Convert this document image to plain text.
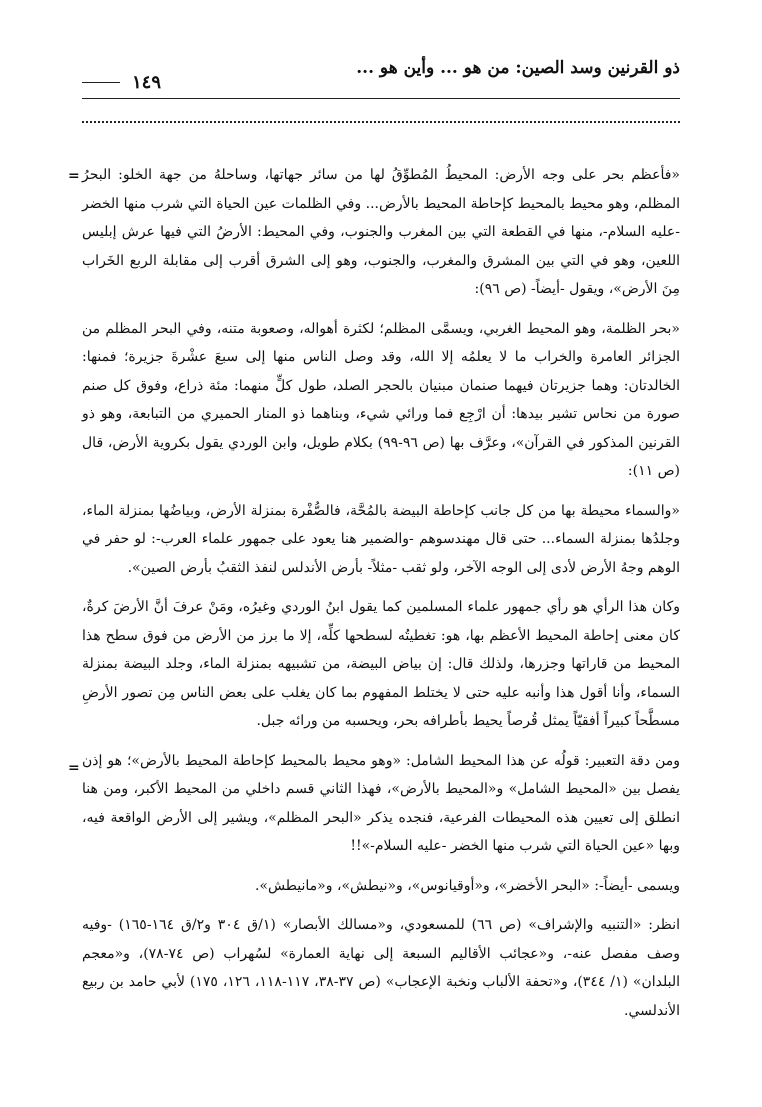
ذو القرنين وسد الصين: من هو ... وأين هو ...
١٤٩
= «فأعظم بحر على وجه الأرض: المحيطُ المُطوِّقُ لها من سائر جهاتها، وساحلهُ من جهة الخلو: البحرُ المظلم، وهو محيط بالمحيط كإحاطة المحيط بالأرض... وفي الظلمات عين الحياة التي شرب منها الخضر -عليه السلام-، منها في القطعة التي بين المغرب والجنوب، وفي المحيط: الأرضُ التي فيها عرش إبليس اللعين، وهو في التي بين المشرق والمغرب، والجنوب، وهو إلى الشرق أقرب إلى مقابلة الربع الخَراب مِنَ الأرض»، ويقول -أيضاً- (ص ٩٦):

«بحر الظلمة، وهو المحيط الغربي، ويسمَّى المظلم؛ لكثرة أهواله، وصعوبة متنه، وفي البحر المظلم من الجزائر العامرة والخراب ما لا يعلمُه إلا الله، وقد وصل الناس منها إلى سبعَ عشْرةَ جزيرة؛ فمنها: الخالدتان: وهما جزيرتان فيهما صنمان مبنيان بالحجر الصلد، طول كلٍّ منهما: مئة ذراع، وفوق كل صنم صورة من نحاس تشير بيدها: أن ارْجِع فما ورائي شيء، وبناهما ذو المنار الحميري من التبابعة، وهو ذو القرنين المذكور في القرآن»، وعرَّف بها (ص ٩٦-٩٩) بكلام طويل، وابن الوردي يقول بكروية الأرض، قال (ص ١١):

«والسماء محيطة بها من كل جانب كإحاطة البيضة بالمُحَّة، فالصُّفْرة بمنزلة الأرض، وبياضُها بمنزلة الماء، وجلدُها بمنزلة السماء... حتى قال مهندسوهم -والضمير هنا يعود على جمهور علماء العرب-: لو حفر في الوهم وجهُ الأرض لأدى إلى الوجه الآخر، ولو ثقب -مثلاً- بأرض الأندلس لنفذ الثقبُ بأرض الصين».

وكان هذا الرأي هو رأي جمهور علماء المسلمين كما يقول ابنُ الوردي وغيرُه، ومَنْ عرفَ أنَّ الأرضَ كرةٌ، كان معنى إحاطة المحيط الأعظم بها، هو: تغطيتُه لسطحها كلِّه، إلا ما برز من الأرض من فوق سطح هذا المحيط من قاراتها وجزرها، ولذلك قال: إن بياض البيضة، من تشبيهه بمنزلة الماء، وجلد البيضة بمنزلة السماء، وأنا أقول هذا وأنبه عليه حتى لا يختلط المفهوم بما كان يغلب على بعض الناس مِن تصور الأرضِ مسطَّحاً كبيراً أفقيّاً يمثل قُرصاً يحيط بأطرافه بحر، ويحسبه من ورائه جبل.

ومن دقة التعبير: قولُه عن هذا المحيط الشامل: «وهو محيط بالمحيط كإحاطة المحيط بالأرض»؛ هو إذن يفصل بين «المحيط الشامل» و«المحيط بالأرض»، فهذا الثاني قسم داخلي من المحيط الأكبر، ومن هنا انطلق إلى تعيين هذه المحيطات الفرعية، فنجده يذكر «البحر المظلم»، ويشير إلى الأرض الواقعة فيه، وبها «عين الحياة التي شرب منها الخضر -عليه السلام-»!!

ويسمى -أيضاً-: «البحر الأخضر»، و«أوقيانوس»، و«نيطش»، و«مانيطش».

انظر: «التنبيه والإشراف» (ص ٦٦) للمسعودي، و«مسالك الأبصار» (١/ق ٣٠٤ و٢/ق ١٦٤-١٦٥) -وفيه وصف مفصل عنه-، و«عجائب الأقاليم السبعة إلى نهاية العمارة» لسُهراب (ص ٧٤-٧٨)، و«معجم البلدان» (١/ ٣٤٤)، و«تحفة الألباب ونخبة الإعجاب» (ص ٣٧-٣٨، ١١٧-١١٨، ١٢٦، ١٧٥) لأبي حامد بن ربيع الأندلسي.

=
